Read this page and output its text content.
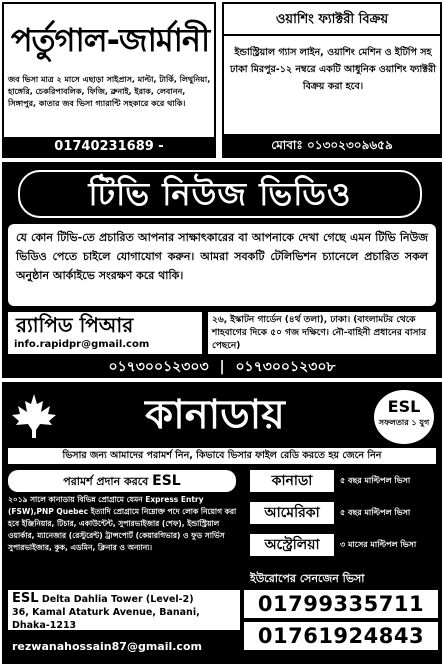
পর্তুগাল-জার্মানী
জব ভিসা মাত্র ২ মাসে এছাড়া সাইপ্রাস, মাল্টা, টার্কি, লিথুনিয়া, হাঙ্গেরি, চেকরিপাবলিক, ফিজি, ব্রুনাই, ইরাক, লেবানন, সিঙ্গাপুর, কাতার জব ভিসা গ্যারান্টি সহকারে করে থাকি।
01740231689 -
ওয়াশিং ফ্যাক্টরী বিক্রয়
ইন্ডাস্ট্রিয়াল গ্যাস লাইন, ওয়াশিং মেশিন ও ইটিপি সহ ঢাকা মিরপুর-১২ নম্বরে একটি আধুনিক ওয়াশিং ফ্যাক্টরী বিক্রয় করা হবে।
মোবাঃ ০১৩০২৩০৯৬৫৯
টিভি নিউজ ভিডিও
যে কোন টিভি-তে প্রচারিত আপনার সাক্ষাৎকারের বা আপনাকে দেখা গেছে এমন টিভি নিউজ ভিডিও পেতে চাইলে যোগাযোগ করুন। আমরা সবকটি টেলিভিশন চ্যানেলে প্রচারিত সকল অনুষ্ঠান আর্কাইভে সংরক্ষণ করে থাকি।
র‍্যাপিড পিআর
info.rapidpr@gmail.com
২৬, ইস্কাটন গার্ডেন (৪র্থ তলা), ঢাকা। (বাংলামটর থেকে শাহবাগের দিকে ৫০ গজ দক্ষিণে। নৌ-বাহিনী প্রধানের বাসার পেছনে)
০১৭৩০০১২৩০৩ | ০১৭৩০০১২৩০৮
কানাডায়	ESL
সফলতার ১ যুগ
ভিসার জন্য আমাদের পরামর্শ নিন, কিভাবে ভিসার ফাইল রেডি করতে হয় জেনে নিন
পরামর্শ প্রদান করবে ESL
২০১৯ সালে কানাডায় বিভিন্ন প্রোগ্রামে যেমন Express Entry (FSW),PNP Quebec ইত্যাদি প্রোগ্রামে নিম্নোক্ত পদে লোক নিয়োগ করা হবে ইঞ্জিনিয়ার, টিচার, একাউন্টেন্ট, সুপারভাইজার (শেফ), ইন্ডাস্ট্রিয়াল ওয়ার্কার, ম্যানেজার (রেস্টুরেন্ট) ট্রান্সপোর্ট (কেয়ারগিভার) ও ফুড সার্ভিস সুপারভাইজার, কুক, এডমিন, ক্লিনার ও অন্যান্য।
কানাডা	৫ বছর মাল্টিপল ভিসা
আমেরিকা	৫ বছর মাল্টিপল ভিসা
অস্ট্রেলিয়া	৩ মাসের মাল্টিপল ভিসা
ইউরোপের সেনজেন ভিসা
ESL Delta Dahlia Tower (Level-2)
36, Kamal Ataturk Avenue, Banani, Dhaka-1213
01799335711
01761924843
rezwanahossain87@gmail.com
